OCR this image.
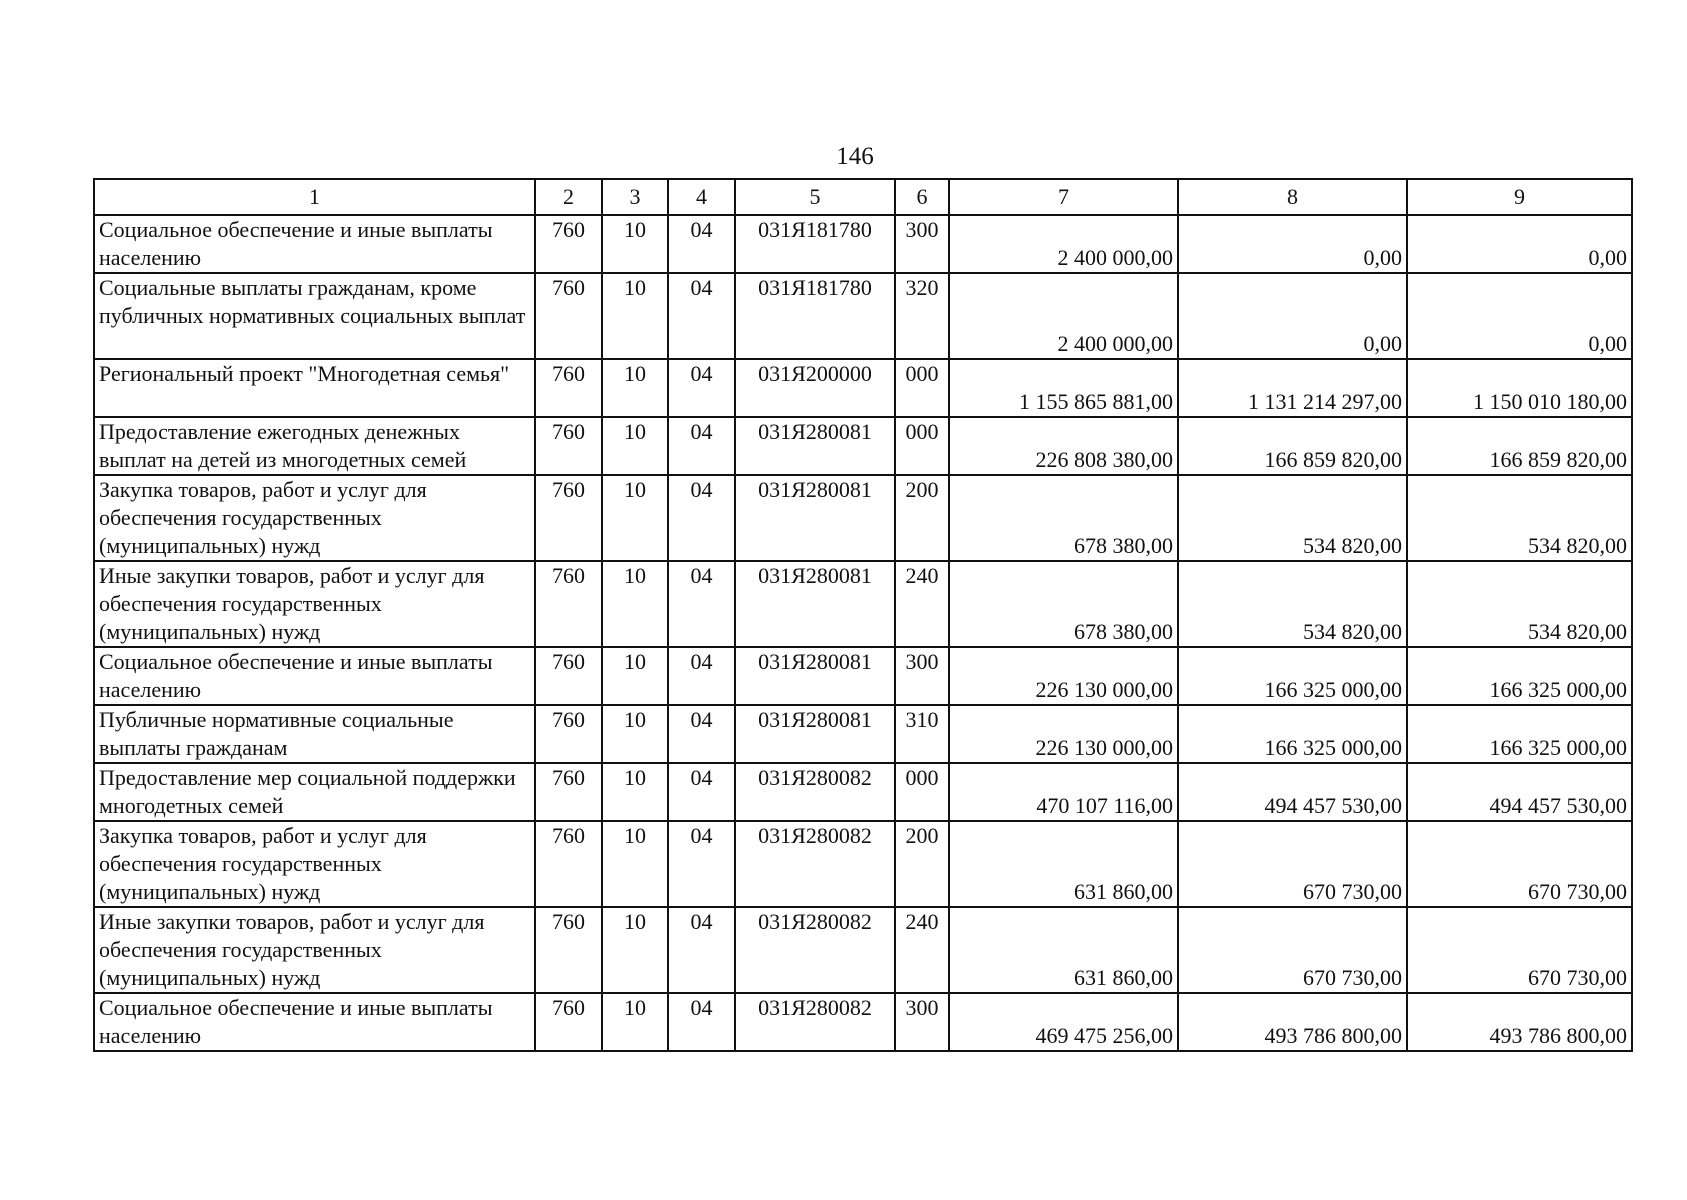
146
1	2	3	4	5	6	7	8	9
Социальное обеспечение и иные выплаты населению	760	10	04	031Я181780	300	2 400 000,00	0,00	0,00
Социальные выплаты гражданам, кроме публичных нормативных социальных выплат	760	10	04	031Я181780	320	2 400 000,00	0,00	0,00
Региональный проект "Многодетная семья"	760	10	04	031Я200000	000	1 155 865 881,00	1 131 214 297,00	1 150 010 180,00
Предоставление ежегодных денежных выплат на детей из многодетных семей	760	10	04	031Я280081	000	226 808 380,00	166 859 820,00	166 859 820,00
Закупка товаров, работ и услуг для обеспечения государственных (муниципальных) нужд	760	10	04	031Я280081	200	678 380,00	534 820,00	534 820,00
Иные закупки товаров, работ и услуг для обеспечения государственных (муниципальных) нужд	760	10	04	031Я280081	240	678 380,00	534 820,00	534 820,00
Социальное обеспечение и иные выплаты населению	760	10	04	031Я280081	300	226 130 000,00	166 325 000,00	166 325 000,00
Публичные нормативные социальные выплаты гражданам	760	10	04	031Я280081	310	226 130 000,00	166 325 000,00	166 325 000,00
Предоставление мер социальной поддержки многодетных семей	760	10	04	031Я280082	000	470 107 116,00	494 457 530,00	494 457 530,00
Закупка товаров, работ и услуг для обеспечения государственных (муниципальных) нужд	760	10	04	031Я280082	200	631 860,00	670 730,00	670 730,00
Иные закупки товаров, работ и услуг для обеспечения государственных (муниципальных) нужд	760	10	04	031Я280082	240	631 860,00	670 730,00	670 730,00
Социальное обеспечение и иные выплаты населению	760	10	04	031Я280082	300	469 475 256,00	493 786 800,00	493 786 800,00
